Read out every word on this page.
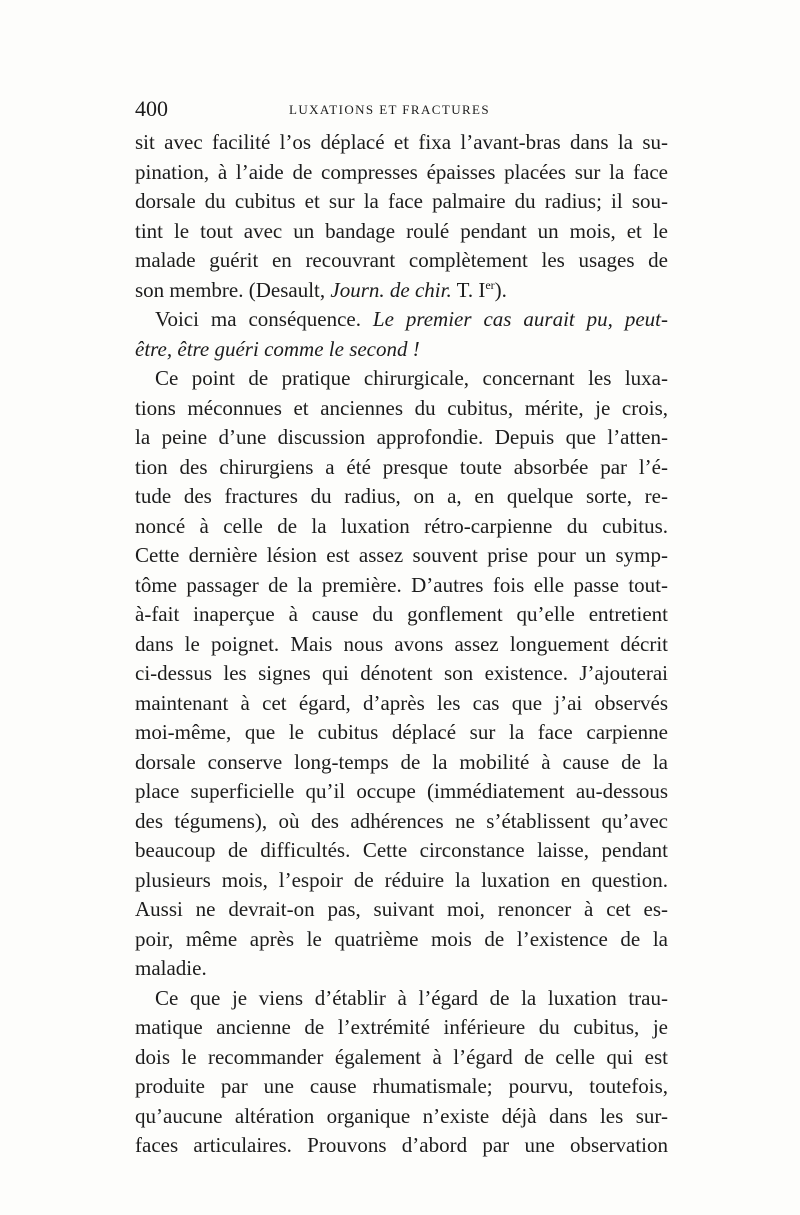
400	LUXATIONS ET FRACTURES
sit avec facilité l’os déplacé et fixa l’avant-bras dans la su-
pination, à l’aide de compresses épaisses placées sur la face
dorsale du cubitus et sur la face palmaire du radius; il sou-
tint le tout avec un bandage roulé pendant un mois, et le
malade guérit en recouvrant complètement les usages de
son membre. (Desault, Journ. de chir. T. Ier).
Voici ma conséquence. Le premier cas aurait pu, peut-
être, être guéri comme le second !
Ce point de pratique chirurgicale, concernant les luxa-
tions méconnues et anciennes du cubitus, mérite, je crois,
la peine d’une discussion approfondie. Depuis que l’atten-
tion des chirurgiens a été presque toute absorbée par l’é-
tude des fractures du radius, on a, en quelque sorte, re-
noncé à celle de la luxation rétro-carpienne du cubitus.
Cette dernière lésion est assez souvent prise pour un symp-
tôme passager de la première. D’autres fois elle passe tout-
à-fait inaperçue à cause du gonflement qu’elle entretient
dans le poignet. Mais nous avons assez longuement décrit
ci-dessus les signes qui dénotent son existence. J’ajouterai
maintenant à cet égard, d’après les cas que j’ai observés
moi-même, que le cubitus déplacé sur la face carpienne
dorsale conserve long-temps de la mobilité à cause de la
place superficielle qu’il occupe (immédiatement au-dessous
des tégumens), où des adhérences ne s’établissent qu’avec
beaucoup de difficultés. Cette circonstance laisse, pendant
plusieurs mois, l’espoir de réduire la luxation en question.
Aussi ne devrait-on pas, suivant moi, renoncer à cet es-
poir, même après le quatrième mois de l’existence de la
maladie.
Ce que je viens d’établir à l’égard de la luxation trau-
matique ancienne de l’extrémité inférieure du cubitus, je
dois le recommander également à l’égard de celle qui est
produite par une cause rhumatismale; pourvu, toutefois,
qu’aucune altération organique n’existe déjà dans les sur-
faces articulaires. Prouvons d’abord par une observation
